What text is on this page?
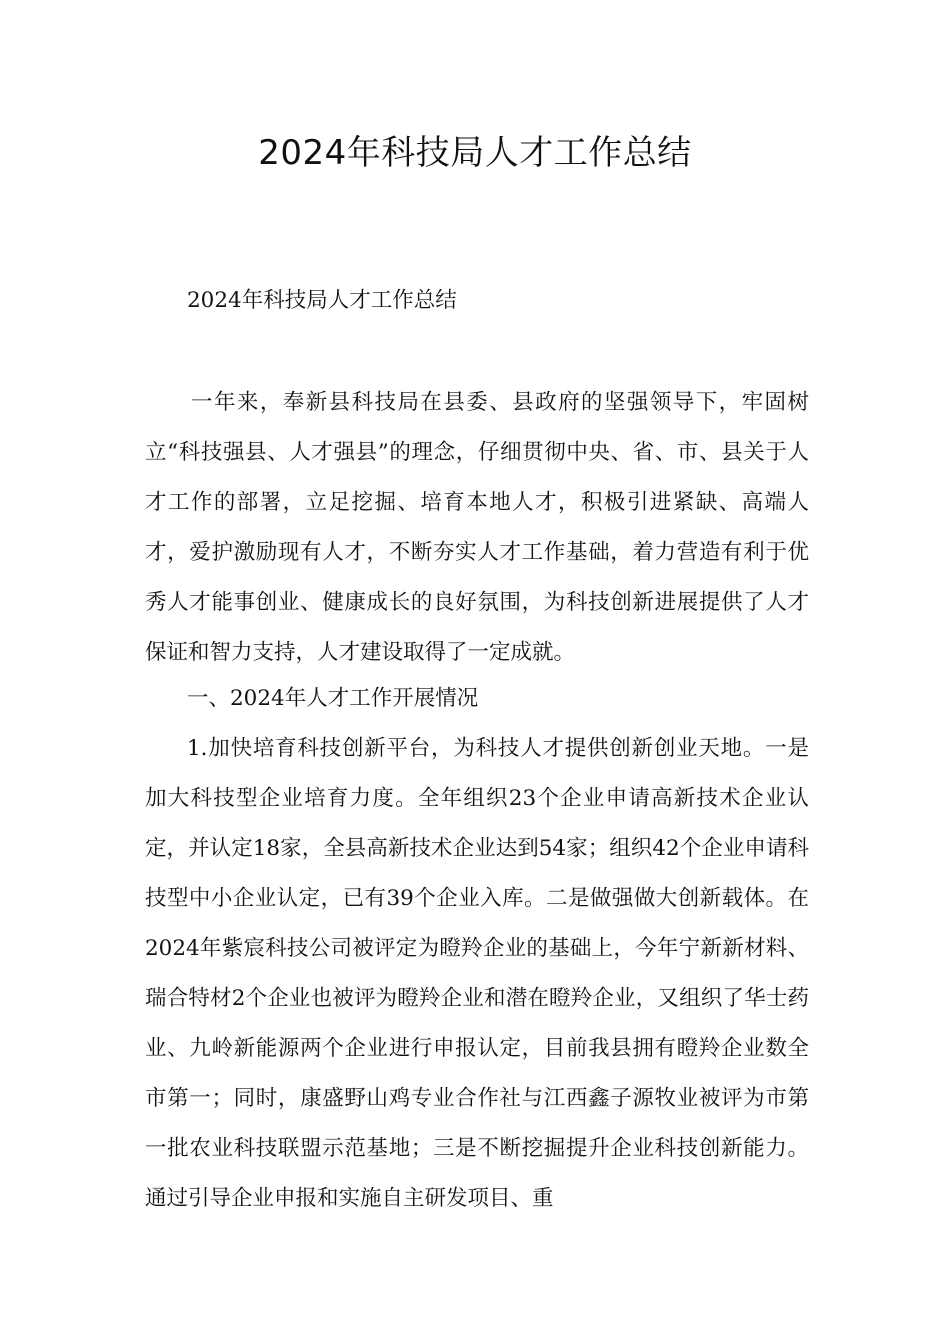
2024年科技局人才工作总结

2024年科技局人才工作总结

一年来，奉新县科技局在县委、县政府的坚强领导下，牢固树立“科技强县、人才强县”的理念，仔细贯彻中央、省、市、县关于人才工作的部署，立足挖掘、培育本地人才，积极引进紧缺、高端人才，爱护激励现有人才，不断夯实人才工作基础，着力营造有利于优秀人才能事创业、健康成长的良好氛围，为科技创新进展提供了人才保证和智力支持，人才建设取得了一定成就。

一、2024年人才工作开展情况

1.加快培育科技创新平台，为科技人才提供创新创业天地。一是加大科技型企业培育力度。全年组织23个企业申请高新技术企业认定，并认定18家，全县高新技术企业达到54家；组织42个企业申请科技型中小企业认定，已有39个企业入库。二是做强做大创新载体。在2024年紫宸科技公司被评定为瞪羚企业的基础上，今年宁新新材料、瑞合特材2个企业也被评为瞪羚企业和潜在瞪羚企业，又组织了华士药业、九岭新能源两个企业进行申报认定，目前我县拥有瞪羚企业数全市第一；同时，康盛野山鸡专业合作社与江西鑫子源牧业被评为市第一批农业科技联盟示范基地；三是不断挖掘提升企业科技创新能力。通过引导企业申报和实施自主研发项目、重
